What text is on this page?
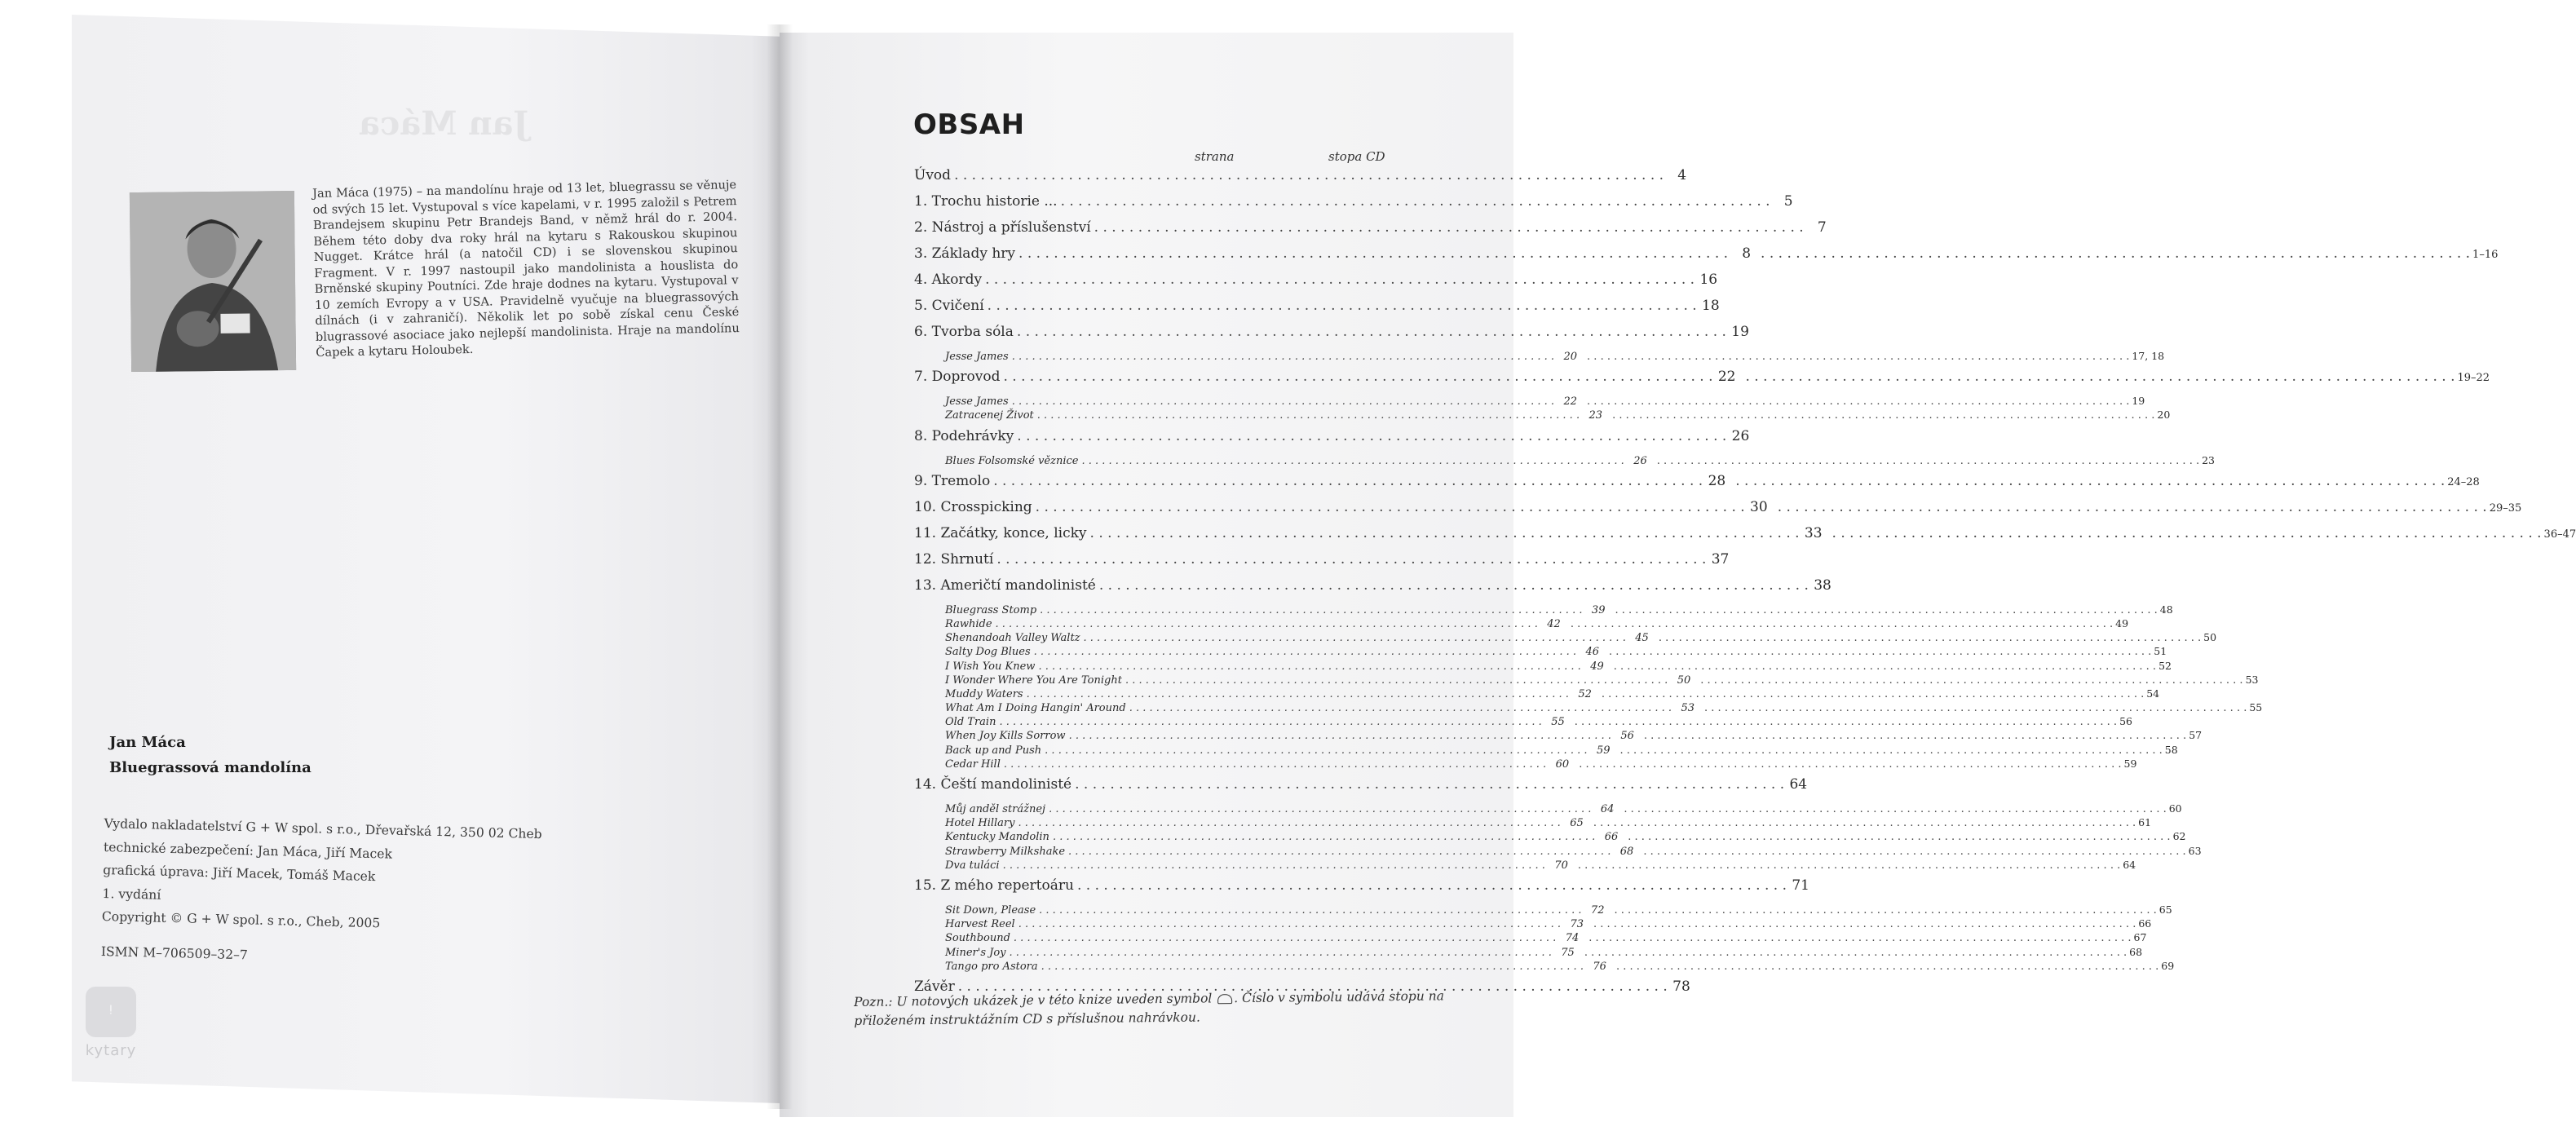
Jan Máca
Jan Máca (1975) – na mandolínu hraje od 13 let, bluegrassu se věnuje od svých 15 let. Vystupoval s více kapelami, v r. 1995 založil s Petrem Brandejsem skupinu Petr Brandejs Band, v němž hrál do r. 2004. Během této doby dva roky hrál na kytaru s Rakouskou skupinou Nugget. Krátce hrál (a natočil CD) i se slovenskou skupinou Fragment. V r. 1997 nastoupil jako mandolinista a houslista do Brněnské skupiny Poutníci. Zde hraje dodnes na kytaru. Vystupoval v 10 zemích Evropy a v USA. Pravidelně vyučuje na bluegrassových dílnách (i v zahraničí). Několik let po sobě získal cenu České blugrassové asociace jako nejlepší mandolinista. Hraje na mandolínu Čapek a kytaru Holoubek.
Jan Máca
Bluegrassová mandolína
Vydalo nakladatelství G + W spol. s r.o., Dřevařská 12, 350 02 Cheb
technické zabezpečení: Jan Máca, Jiří Macek
grafická úprava: Jiří Macek, Tomáš Macek
1. vydání
Copyright © G + W spol. s r.o., Cheb, 2005
ISMN M–706509–32–7
ᵎ
kytary
OBSAH
strana	stopa CD
Úvod . . .	4
1. Trochu historie ... . . .	5
2. Nástroj a příslušenství . . .	7
3. Základy hry . . .	8 . . .	1–16
4. Akordy . . .	16
5. Cvičení . . .	18
6. Tvorba sóla . . .	19
Jesse James . . .	20 . . .	17, 18
7. Doprovod . . .	22 . . .	19–22
Jesse James . . .	22 . . .	19
Zatracenej Život . . .	23 . . .	20
8. Podehrávky . . .	26
Blues Folsomské věznice . . .	26 . . .	23
9. Tremolo . . .	28 . . .	24–28
10. Crosspicking . . .	30 . . .	29–35
11. Začátky, konce, licky . . .	33 . . .	36–47
12. Shrnutí . . .	37
13. Američtí mandolinisté . . .	38
Bluegrass Stomp . . .	39 . . .	48
Rawhide . . .	42 . . .	49
Shenandoah Valley Waltz . . .	45 . . .	50
Salty Dog Blues . . .	46 . . .	51
I Wish You Knew . . .	49 . . .	52
I Wonder Where You Are Tonight . . .	50 . . .	53
Muddy Waters . . .	52 . . .	54
What Am I Doing Hangin' Around . . .	53 . . .	55
Old Train . . .	55 . . .	56
When Joy Kills Sorrow . . .	56 . . .	57
Back up and Push . . .	59 . . .	58
Cedar Hill . . .	60 . . .	59
14. Čeští mandolinisté . . .	64
Můj anděl strážnej . . .	64 . . .	60
Hotel Hillary . . .	65 . . .	61
Kentucky Mandolin . . .	66 . . .	62
Strawberry Milkshake . . .	68 . . .	63
Dva tuláci . . .	70 . . .	64
15. Z mého repertoáru . . .	71
Sit Down, Please . . .	72 . . .	65
Harvest Reel . . .	73 . . .	66
Southbound . . .	74 . . .	67
Miner's Joy . . .	75 . . .	68
Tango pro Astora . . .	76 . . .	69
Závěr . . .	78
Pozn.: U notových ukázek je v této knize uveden symbol . Číslo v symbolu udává stopu na přiloženém instruktážním CD s příslušnou nahrávkou.
